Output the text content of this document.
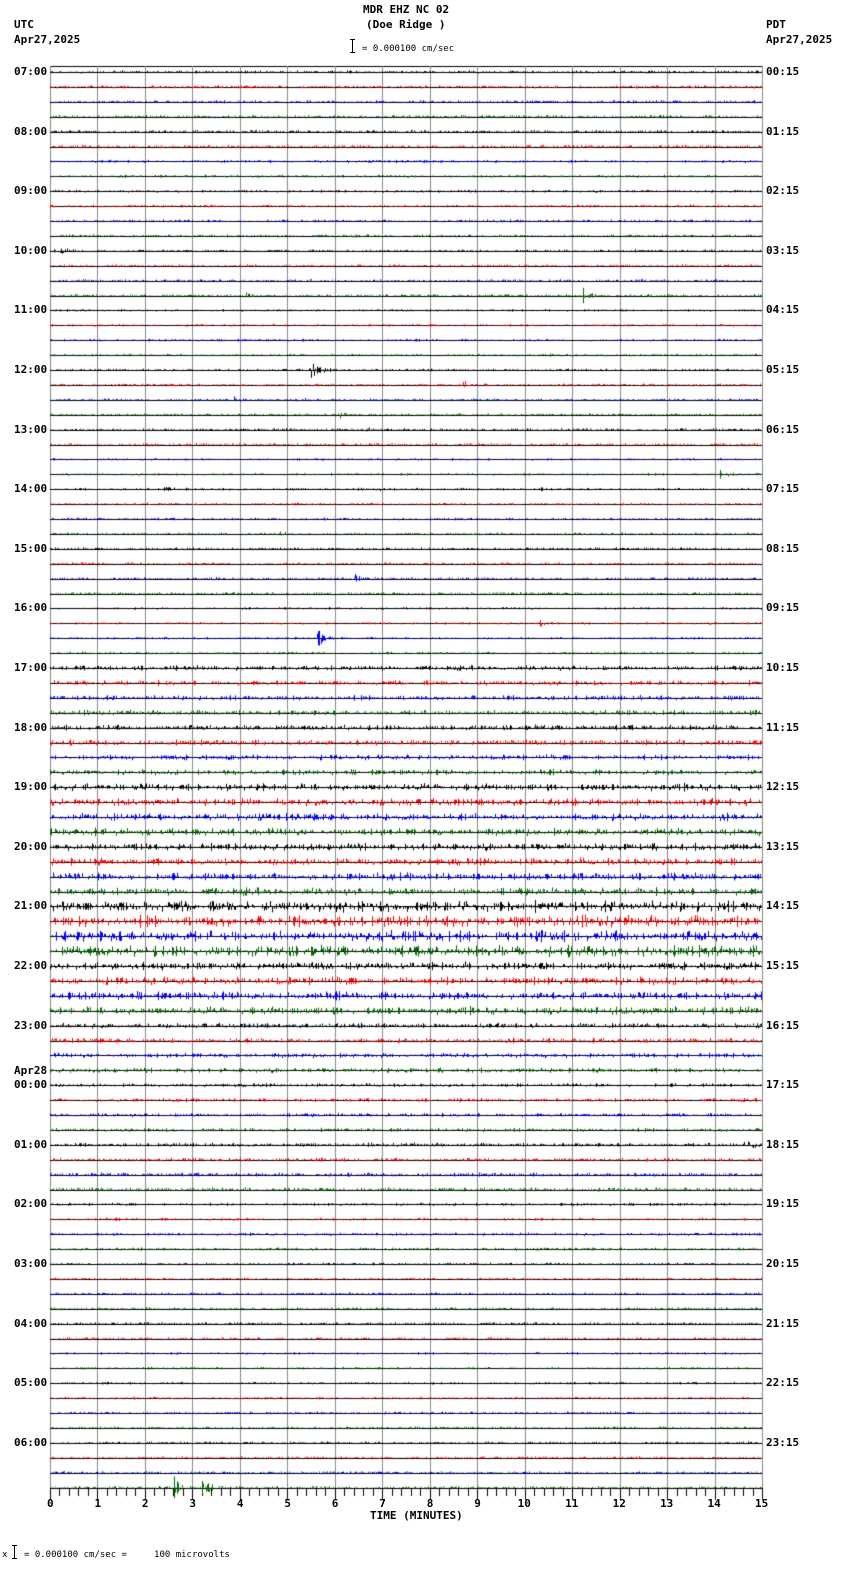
MDR EHZ NC 02
(Doe Ridge )
UTC
Apr27,2025
PDT
Apr27,2025
= 0.000100 cm/sec
07:00
08:00
09:00
10:00
11:00
12:00
13:00
14:00
15:00
16:00
17:00
18:00
19:00
20:00
21:00
22:00
23:00
00:00
Apr28
01:00
02:00
03:00
04:00
05:00
06:00
00:15
01:15
02:15
03:15
04:15
05:15
06:15
07:15
08:15
09:15
10:15
11:15
12:15
13:15
14:15
15:15
16:15
17:15
18:15
19:15
20:15
21:15
22:15
23:15
0	1	2	3	4	5	6	7	8	9	10	11	12	13	14	15
TIME (MINUTES)
x = 0.000100 cm/sec =     100 microvolts
